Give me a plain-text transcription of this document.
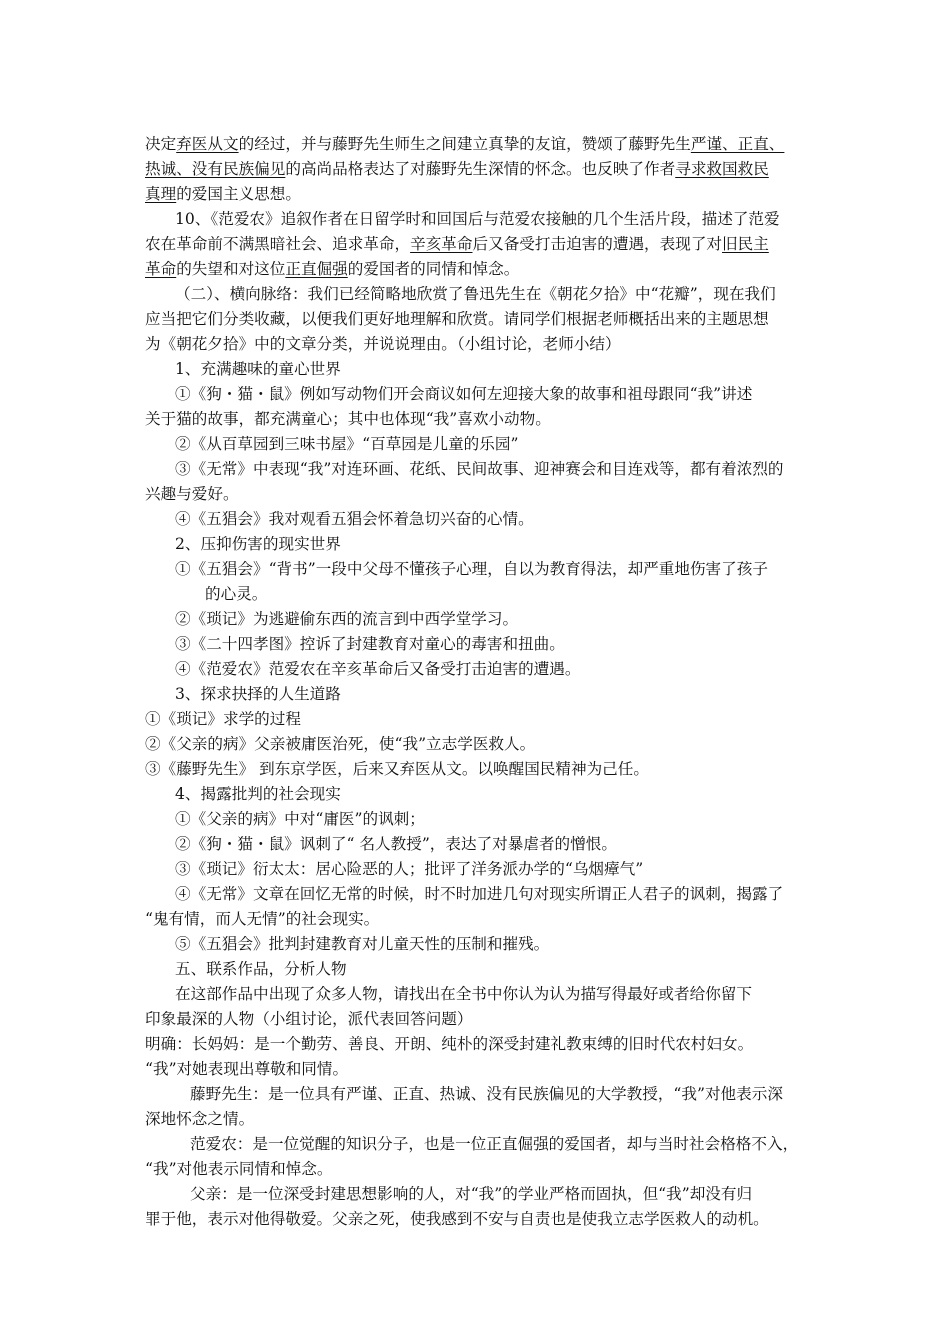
决定弃医从文的经过，并与藤野先生师生之间建立真挚的友谊，赞颂了藤野先生严谨、正直、
热诚、没有民族偏见的高尚品格表达了对藤野先生深情的怀念。也反映了作者寻求救国救民
真理的爱国主义思想。
10、《范爱农》追叙作者在日留学时和回国后与范爱农接触的几个生活片段，描述了范爱
农在革命前不满黑暗社会、追求革命，辛亥革命后又备受打击迫害的遭遇，表现了对旧民主
革命的失望和对这位正直倔强的爱国者的同情和悼念。
（二）、横向脉络：我们已经简略地欣赏了鲁迅先生在《朝花夕拾》中“花瓣”，现在我们
应当把它们分类收藏，以便我们更好地理解和欣赏。请同学们根据老师概括出来的主题思想
为《朝花夕拾》中的文章分类，并说说理由。（小组讨论，老师小结）
1、充满趣味的童心世界
①《狗・猫・鼠》例如写动物们开会商议如何左迎接大象的故事和祖母跟同“我”讲述
关于猫的故事，都充满童心；其中也体现“我”喜欢小动物。
②《从百草园到三味书屋》“百草园是儿童的乐园”
③《无常》中表现“我”对连环画、花纸、民间故事、迎神赛会和目连戏等，都有着浓烈的
兴趣与爱好。
④《五猖会》我对观看五猖会怀着急切兴奋的心情。
2、压抑伤害的现实世界
①《五猖会》“背书”一段中父母不懂孩子心理，自以为教育得法，却严重地伤害了孩子
的心灵。
②《琐记》为逃避偷东西的流言到中西学堂学习。
③《二十四孝图》控诉了封建教育对童心的毒害和扭曲。
④《范爱农》范爱农在辛亥革命后又备受打击迫害的遭遇。
3、探求抉择的人生道路
①《琐记》求学的过程
②《父亲的病》父亲被庸医治死，使“我”立志学医救人。
③《藤野先生》 到东京学医，后来又弃医从文。以唤醒国民精神为己任。
4、揭露批判的社会现实
①《父亲的病》中对“庸医”的讽刺；
②《狗・猫・鼠》讽刺了“ 名人教授”，表达了对暴虐者的憎恨。
③《琐记》衍太太：居心险恶的人；批评了洋务派办学的“乌烟瘴气”
④《无常》文章在回忆无常的时候，时不时加进几句对现实所谓正人君子的讽刺，揭露了
“鬼有情，而人无情”的社会现实。
⑤《五猖会》批判封建教育对儿童天性的压制和摧残。
五、联系作品，分析人物
在这部作品中出现了众多人物，请找出在全书中你认为认为描写得最好或者给你留下
印象最深的人物（小组讨论，派代表回答问题）
明确：长妈妈：是一个勤劳、善良、开朗、纯朴的深受封建礼教束缚的旧时代农村妇女。
“我”对她表现出尊敬和同情。
藤野先生：是一位具有严谨、正直、热诚、没有民族偏见的大学教授，“我”对他表示深
深地怀念之情。
范爱农：是一位觉醒的知识分子，也是一位正直倔强的爱国者，却与当时社会格格不入，
“我”对他表示同情和悼念。
父亲：是一位深受封建思想影响的人，对“我”的学业严格而固执，但“我”却没有归
罪于他，表示对他得敬爱。父亲之死，使我感到不安与自责也是使我立志学医救人的动机。
